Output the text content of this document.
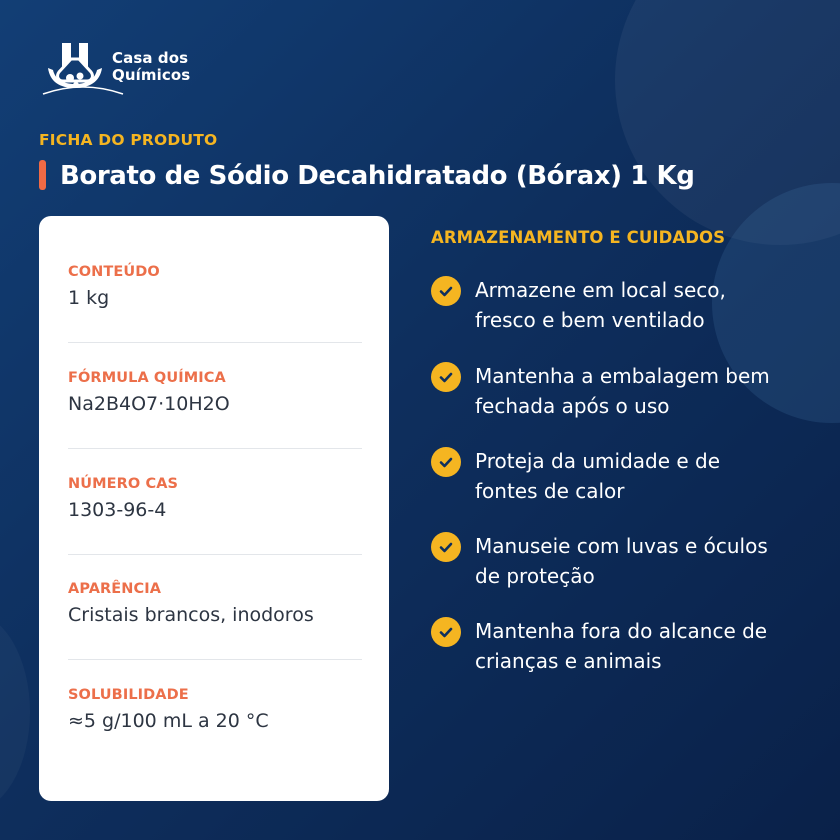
Casa dos
Químicos
FICHA DO PRODUTO
Borato de Sódio Decahidratado (Bórax) 1 Kg
CONTEÚDO
1 kg
FÓRMULA QUÍMICA
Na2B4O7·10H2O
NÚMERO CAS
1303-96-4
APARÊNCIA
Cristais brancos, inodoros
SOLUBILIDADE
≈5 g/100 mL a 20 °C
ARMAZENAMENTO E CUIDADOS
Armazene em local seco, fresco e bem ventilado
Mantenha a embalagem bem fechada após o uso
Proteja da umidade e de fontes de calor
Manuseie com luvas e óculos de proteção
Mantenha fora do alcance de crianças e animais
